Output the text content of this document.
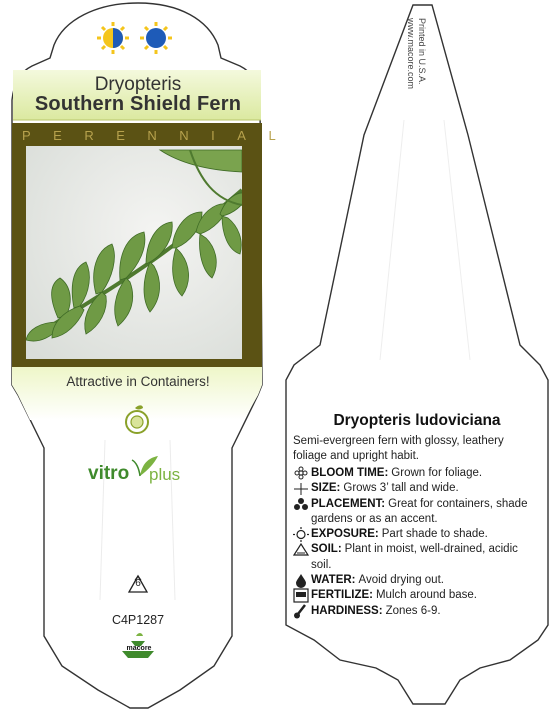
Dryopteris
Southern Shield Fern
PERENNIAL
Attractive in Containers!
vitro plus
6
C4P1287
macore
Printed in U.S.A.
www.macore.com
Dryopteris ludoviciana
Semi-evergreen fern with glossy, leathery foliage and upright habit.
BLOOM TIME: Grown for foliage.
SIZE: Grows 3’ tall and wide.
PLACEMENT: Great for containers, shade gardens or as an accent.
EXPOSURE: Part shade to shade.
SOIL: Plant in moist, well-drained, acidic soil.
WATER: Avoid drying out.
FERTILIZE: Mulch around base.
HARDINESS: Zones 6-9.
